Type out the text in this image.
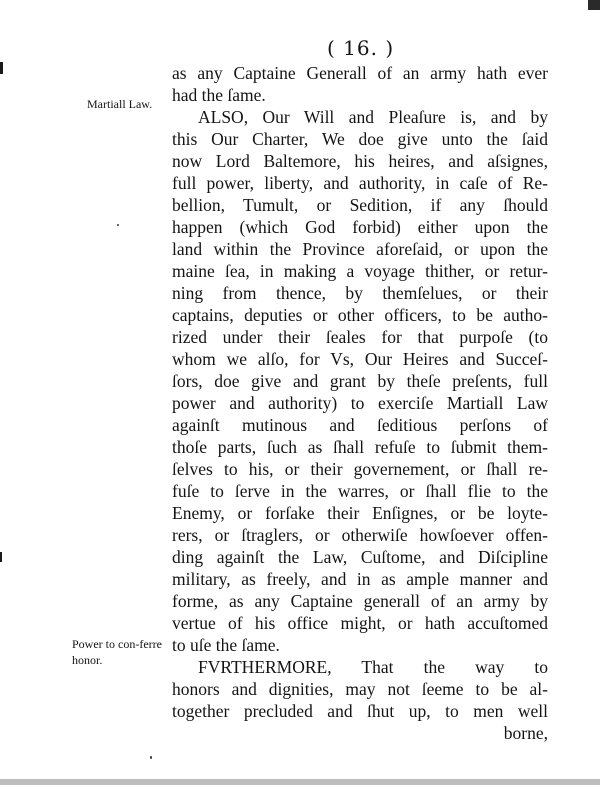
( 16. )
Martiall Law.
Power to con-ferre honor.
as any Captaine Generall of an army hath ever
had the ſame.
ALSO, Our Will and Pleaſure is, and by
this Our Charter, We doe give unto the ſaid
now Lord Baltemore, his heires, and aſsignes,
full power, liberty, and authority, in caſe of Re-
bellion, Tumult, or Sedition, if any ſhould
happen (which God forbid) either upon the
land within the Province aforeſaid, or upon the
maine ſea, in making a voyage thither, or retur-
ning from thence, by themſelues, or their
captains, deputies or other officers, to be autho-
rized under their ſeales for that purpoſe (to
whom we alſo, for Vs, Our Heires and Succeſ-
ſors, doe give and grant by theſe preſents, full
power and authority) to exerciſe Martiall Law
againſt mutinous and ſeditious perſons of
thoſe parts, ſuch as ſhall refuſe to ſubmit them-
ſelves to his, or their governement, or ſhall re-
fuſe to ſerve in the warres, or ſhall flie to the
Enemy, or forſake their Enſignes, or be loyte-
rers, or ſtraglers, or otherwiſe howſoever offen-
ding againſt the Law, Cuſtome, and Diſcipline
military, as freely, and in as ample manner and
forme, as any Captaine generall of an army by
vertue of his office might, or hath accuſtomed
to uſe the ſame.
FVRTHERMORE, That the way to
honors and dignities, may not ſeeme to be al-
together precluded and ſhut up, to men well
borne,
